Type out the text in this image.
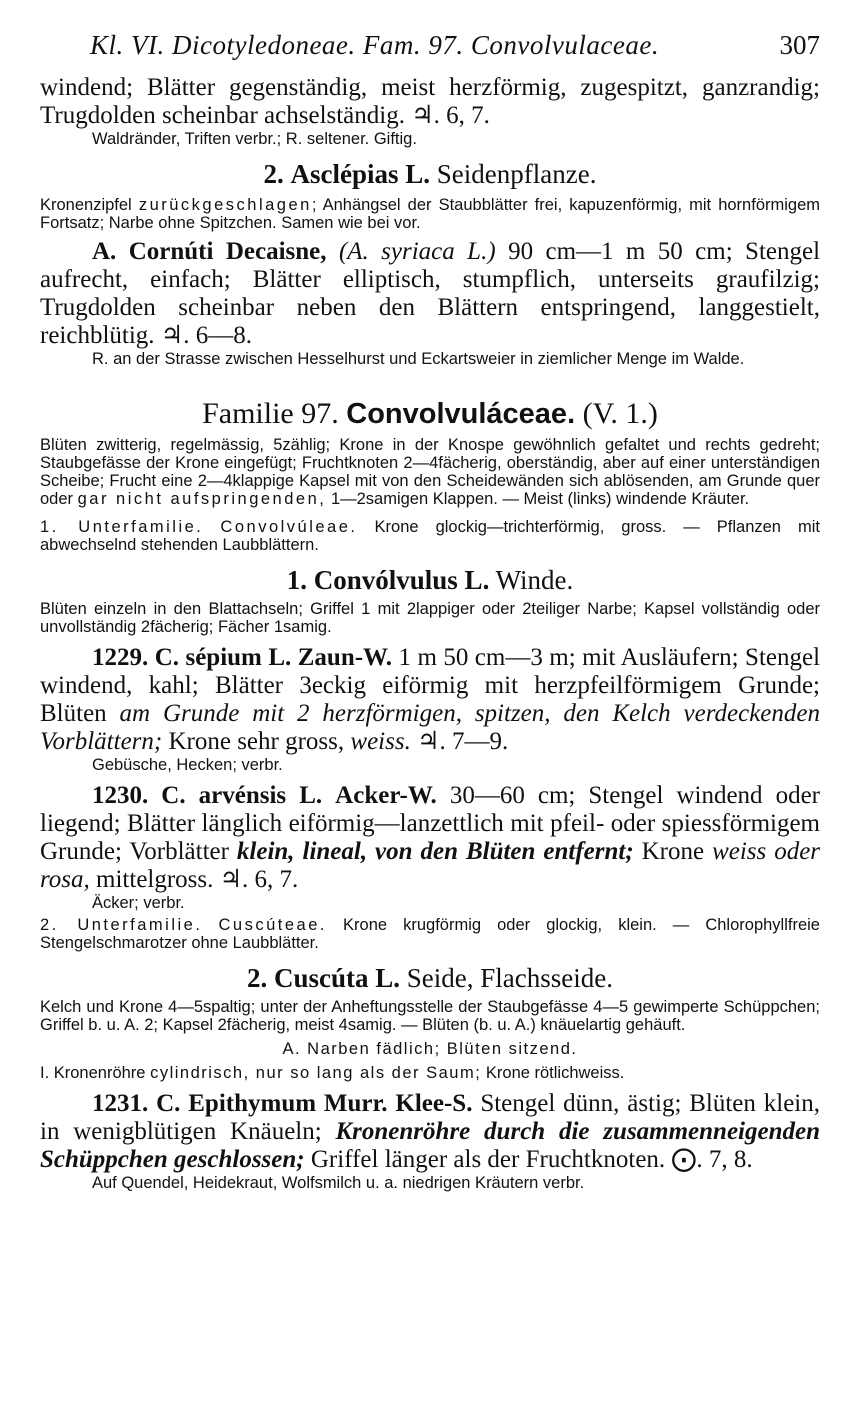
Kl. VI. Dicotyledoneae. Fam. 97. Convolvulaceae.	307

windend; Blätter gegenständig, meist herzförmig, zugespitzt, ganzrandig; Trugdolden scheinbar achselständig. ♃. 6, 7.

Waldränder, Triften verbr.; R. seltener. Giftig.

2. Asclépias L. Seidenpflanze.

Kronenzipfel zurückgeschlagen; Anhängsel der Staubblätter frei, kapuzenförmig, mit hornförmigem Fortsatz; Narbe ohne Spitzchen. Samen wie bei vor.

A. Cornúti Decaisne, (A. syriaca L.) 90 cm—1 m 50 cm; Stengel aufrecht, einfach; Blätter elliptisch, stumpflich, unterseits graufilzig; Trugdolden scheinbar neben den Blättern entspringend, langgestielt, reichblütig. ♃. 6—8.

R. an der Strasse zwischen Hesselhurst und Eckartsweier in ziemlicher Menge im Walde.

Familie 97. Convolvuláceae. (V. 1.)

Blüten zwitterig, regelmässig, 5zählig; Krone in der Knospe gewöhnlich gefaltet und rechts gedreht; Staubgefässe der Krone eingefügt; Fruchtknoten 2—4fächerig, oberständig, aber auf einer unterständigen Scheibe; Frucht eine 2—4klappige Kapsel mit von den Scheidewänden sich ablösenden, am Grunde quer oder gar nicht aufspringenden, 1—2samigen Klappen. — Meist (links) windende Kräuter.

1. Unterfamilie. Convolvúleae. Krone glockig—trichterförmig, gross. — Pflanzen mit abwechselnd stehenden Laubblättern.

1. Convólvulus L. Winde.

Blüten einzeln in den Blattachseln; Griffel 1 mit 2lappiger oder 2teiliger Narbe; Kapsel vollständig oder unvollständig 2fächerig; Fächer 1samig.

1229. C. sépium L. Zaun-W. 1 m 50 cm—3 m; mit Ausläufern; Stengel windend, kahl; Blätter 3eckig eiförmig mit herzpfeilförmigem Grunde; Blüten am Grunde mit 2 herzförmigen, spitzen, den Kelch verdeckenden Vorblättern; Krone sehr gross, weiss. ♃. 7—9.

Gebüsche, Hecken; verbr.

1230. C. arvénsis L. Acker-W. 30—60 cm; Stengel windend oder liegend; Blätter länglich eiförmig—lanzettlich mit pfeil- oder spiessförmigem Grunde; Vorblätter klein, lineal, von den Blüten entfernt; Krone weiss oder rosa, mittelgross. ♃. 6, 7.

Äcker; verbr.

2. Unterfamilie. Cuscúteae. Krone krugförmig oder glockig, klein. — Chlorophyllfreie Stengelschmarotzer ohne Laubblätter.

2. Cuscúta L. Seide, Flachsseide.

Kelch und Krone 4—5spaltig; unter der Anheftungsstelle der Staubgefässe 4—5 gewimperte Schüppchen; Griffel b. u. A. 2; Kapsel 2fächerig, meist 4samig. — Blüten (b. u. A.) knäuelartig gehäuft.

A. Narben fädlich; Blüten sitzend.

I. Kronenröhre cylindrisch, nur so lang als der Saum; Krone rötlichweiss.

1231. C. Epithymum Murr. Klee-S. Stengel dünn, ästig; Blüten klein, in wenigblütigen Knäueln; Kronenröhre durch die zusammenneigenden Schüppchen geschlossen; Griffel länger als der Fruchtknoten. ⨀. 7, 8.

Auf Quendel, Heidekraut, Wolfsmilch u. a. niedrigen Kräutern verbr.
